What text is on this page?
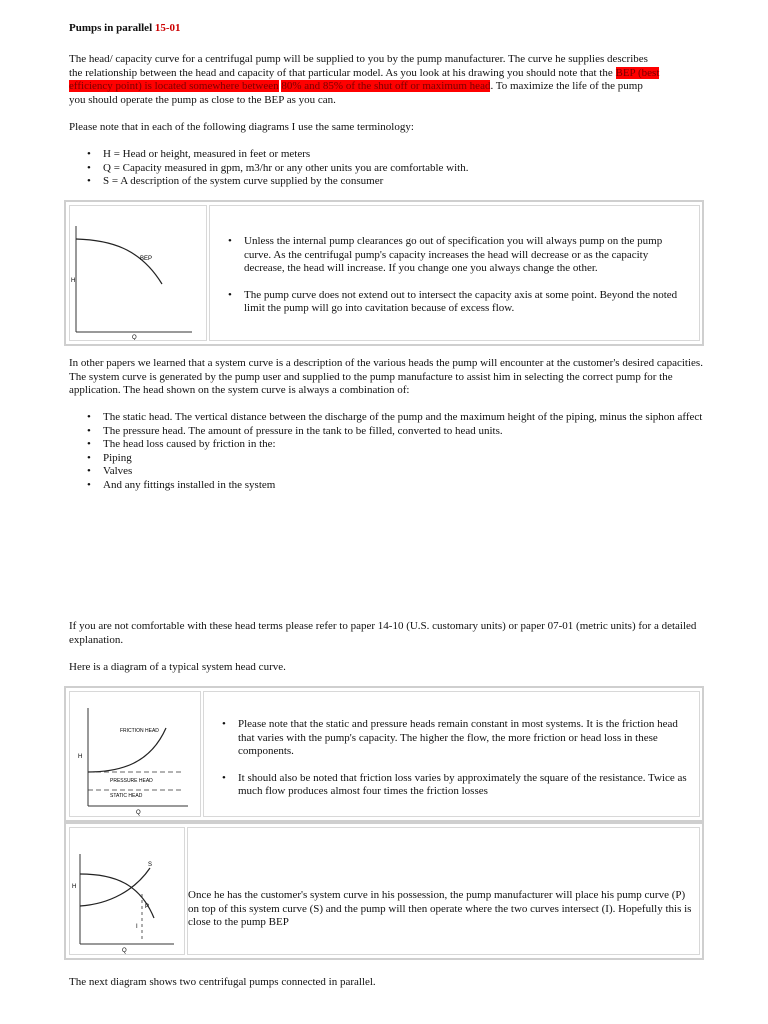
Pumps in parallel 15-01

The head/ capacity curve for a centrifugal pump will be supplied to you by the pump manufacturer. The curve he supplies describes

the relationship between the head and capacity of that particular model. As you look at his drawing you should note that the BEP (best

efficiency point) is located somewhere between 80% and 85% of the shut off or maximum head. To maximize the life of the pump

you should operate the pump as close to the BEP as you can.

Please note that in each of the following diagrams I use the same terminology:

• H = Head or height, measured in feet or meters
• Q = Capacity measured in gpm, m3/hr or any other units you are comfortable with.
• S = A description of the system curve supplied by the consumer
BEP
H
Q
• Unless the internal pump clearances go out of specification you will always pump on the pump curve. As the centrifugal pump's capacity increases the head will decrease or as the capacity decrease, the head will increase. If you change one you always change the other.
• The pump curve does not extend out to intersect the capacity axis at some point. Beyond the noted limit the pump will go into cavitation because of excess flow.

In other papers we learned that a system curve is a description of the various heads the pump will encounter at the customer's desired capacities. The system curve is generated by the pump user and supplied to the pump manufacture to assist him in selecting the correct pump for the application. The head shown on the system curve is always a combination of:

• The static head. The vertical distance between the discharge of the pump and the maximum height of the piping, minus the siphon affect
• The pressure head. The amount of pressure in the tank to be filled, converted to head units.
• The head loss caused by friction in the:
• Piping
• Valves
• And any fittings installed in the system

If you are not comfortable with these head terms please refer to paper 14-10 (U.S. customary units) or paper 07-01 (metric units) for a detailed explanation.

Here is a diagram of a typical system head curve.

FRICTION HEAD
PRESSURE HEAD
STATIC HEAD
H
Q
• Please note that the static and pressure heads remain constant in most systems. It is the friction head that varies with the pump's capacity. The higher the flow, the more friction or head loss in these components.
• It should also be noted that friction loss varies by approximately the square of the resistance. Twice as much flow produces almost four times the friction losses
S
P
I
H
Q

Once he has the customer's system curve in his possession, the pump manufacturer will place his pump curve (P) on top of this system curve (S) and the pump will then operate where the two curves intersect (I). Hopefully this is close to the pump BEP

The next diagram shows two centrifugal pumps connected in parallel.
